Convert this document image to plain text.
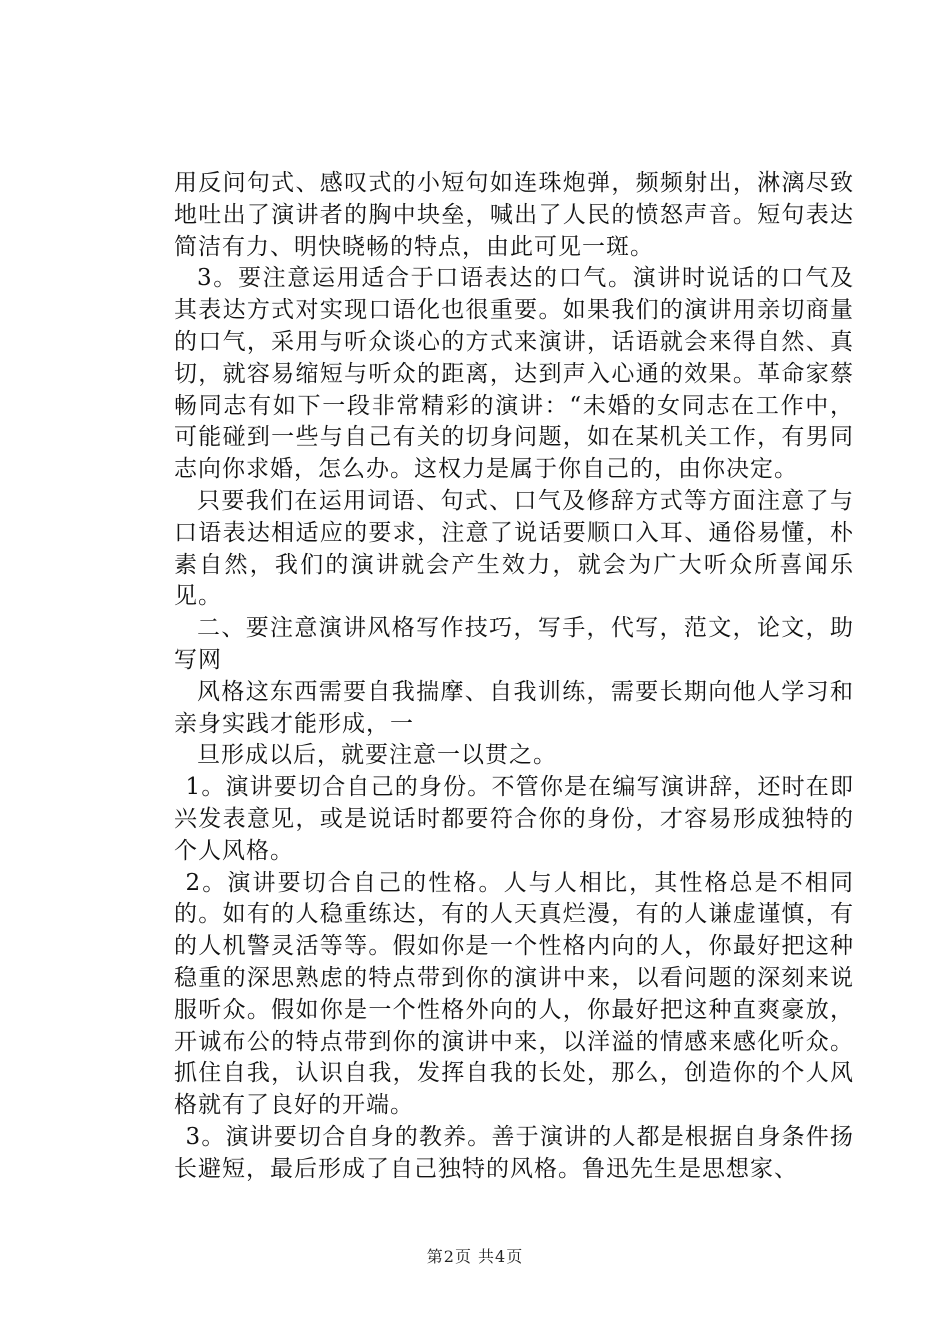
用反问句式、感叹式的小短句如连珠炮弹，频频射出，淋漓尽致地吐出了演讲者的胸中块垒，喊出了人民的愤怒声音。短句表达简洁有力、明快晓畅的特点，由此可见一斑。

3。要注意运用适合于口语表达的口气。演讲时说话的口气及其表达方式对实现口语化也很重要。如果我们的演讲用亲切商量的口气，采用与听众谈心的方式来演讲，话语就会来得自然、真切，就容易缩短与听众的距离，达到声入心通的效果。革命家蔡畅同志有如下一段非常精彩的演讲：“未婚的女同志在工作中，可能碰到一些与自己有关的切身问题，如在某机关工作，有男同志向你求婚，怎么办。这权力是属于你自己的，由你决定。

只要我们在运用词语、句式、口气及修辞方式等方面注意了与口语表达相适应的要求，注意了说话要顺口入耳、通俗易懂，朴素自然，我们的演讲就会产生效力，就会为广大听众所喜闻乐见。

二、要注意演讲风格写作技巧，写手，代写，范文，论文，助写网

风格这东西需要自我揣摩、自我训练，需要长期向他人学习和亲身实践才能形成，一

旦形成以后，就要注意一以贯之。

1。演讲要切合自己的身份。不管你是在编写演讲辞，还时在即兴发表意见，或是说话时都要符合你的身份，才容易形成独特的个人风格。

2。演讲要切合自己的性格。人与人相比，其性格总是不相同的。如有的人稳重练达，有的人天真烂漫，有的人谦虚谨慎，有的人机警灵活等等。假如你是一个性格内向的人，你最好把这种稳重的深思熟虑的特点带到你的演讲中来，以看问题的深刻来说服听众。假如你是一个性格外向的人，你最好把这种直爽豪放，开诚布公的特点带到你的演讲中来，以洋溢的情感来感化听众。抓住自我，认识自我，发挥自我的长处，那么，创造你的个人风格就有了良好的开端。

3。演讲要切合自身的教养。善于演讲的人都是根据自身条件扬长避短，最后形成了自己独特的风格。鲁迅先生是思想家、

第2页 共4页
